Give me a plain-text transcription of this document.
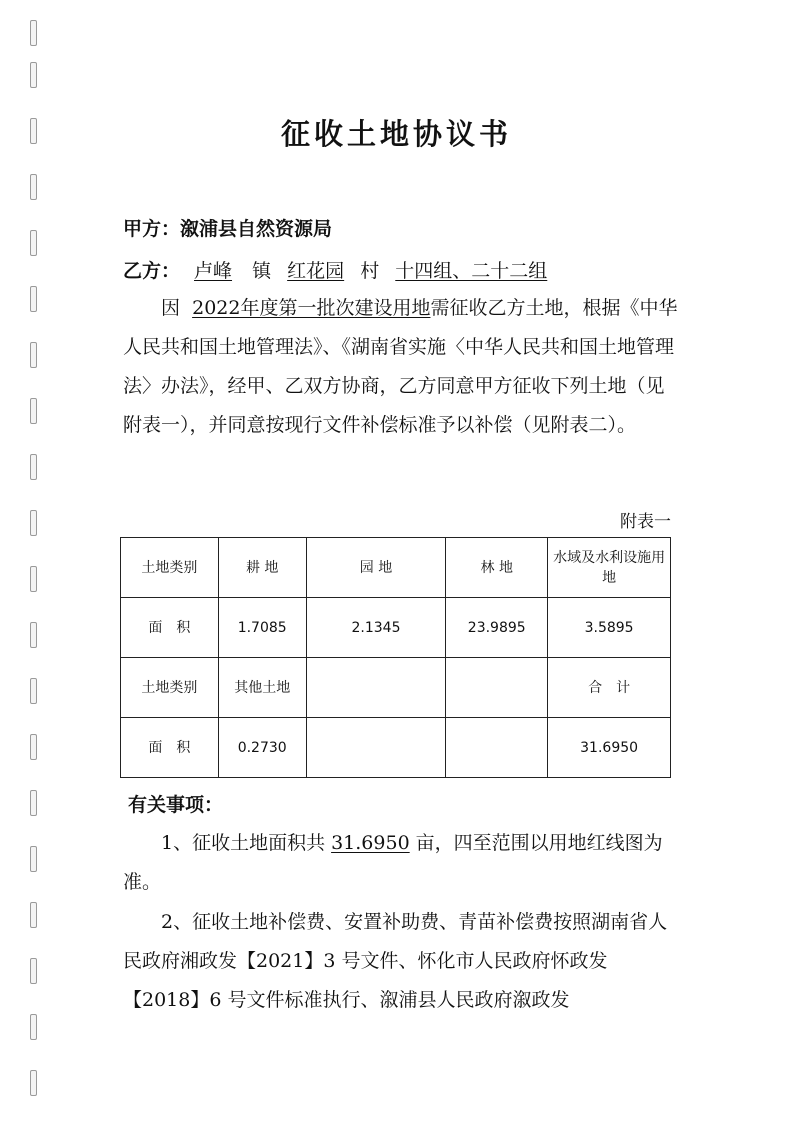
征收土地协议书
甲方：溆浦县自然资源局
乙方： 卢峰 镇 红花园 村 十四组、二十二组

因 2022年度第一批次建设用地需征收乙方土地，根据《中华人民共和国土地管理法》、《湖南省实施〈中华人民共和国土地管理法〉办法》，经甲、乙双方协商，乙方同意甲方征收下列土地（见附表一），并同意按现行文件补偿标准予以补偿（见附表二）。

附表一
土地类别	耕 地	园 地	林 地	水域及水利设施用地
面　积	1.7085	2.1345	23.9895	3.5895
土地类别	其他土地			合　计
面　积	0.2730			31.6950
有关事项：

1、征收土地面积共 31.6950 亩，四至范围以用地红线图为准。

2、征收土地补偿费、安置补助费、青苗补偿费按照湖南省人民政府湘政发【2021】3 号文件、怀化市人民政府怀政发【2018】6 号文件标准执行、溆浦县人民政府溆政发
